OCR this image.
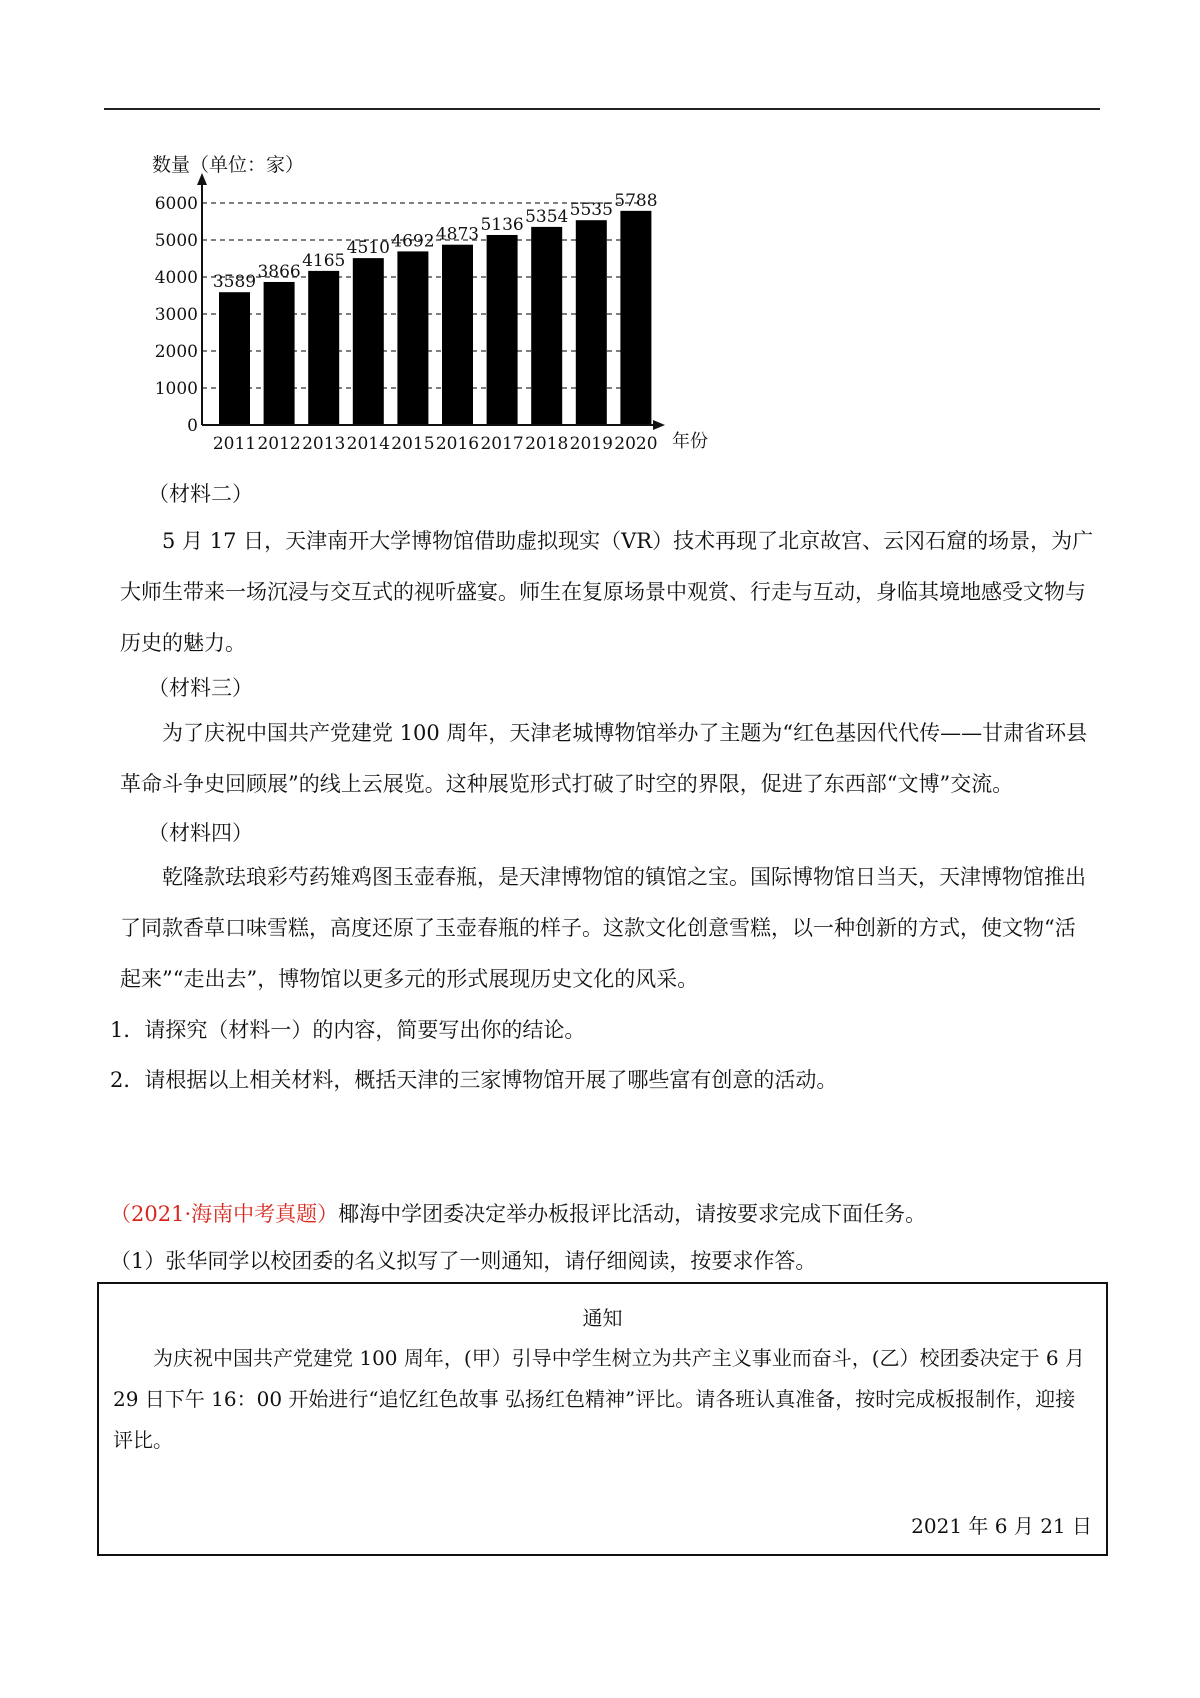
0
1000
2000
3000
4000
5000
6000
2011 2012 2013 2014 2015 2016 2017 2018 2019 2020
3589
3866
4165
4510 4692 4873 5136 5354 5535 5788
数量（单位：家）
年份

（材料二）

5 月 17 日，天津南开大学博物馆借助虚拟现实（VR）技术再现了北京故宫、云冈石窟的场景，为广大师生带来一场沉浸与交互式的视听盛宴。师生在复原场景中观赏、行走与互动，身临其境地感受文物与历史的魅力。

（材料三）

为了庆祝中国共产党建党 100 周年，天津老城博物馆举办了主题为“红色基因代代传——甘肃省环县革命斗争史回顾展”的线上云展览。这种展览形式打破了时空的界限，促进了东西部“文博”交流。

（材料四）

乾隆款珐琅彩芍药雉鸡图玉壶春瓶，是天津博物馆的镇馆之宝。国际博物馆日当天，天津博物馆推出了同款香草口味雪糕，高度还原了玉壶春瓶的样子。这款文化创意雪糕，以一种创新的方式，使文物“活起来”“走出去”，博物馆以更多元的形式展现历史文化的风采。

1．请探究（材料一）的内容，简要写出你的结论。

2．请根据以上相关材料，概括天津的三家博物馆开展了哪些富有创意的活动。

（2021·海南中考真题）椰海中学团委决定举办板报评比活动，请按要求完成下面任务。

（1）张华同学以校团委的名义拟写了一则通知，请仔细阅读，按要求作答。

通知
为庆祝中国共产党建党 100 周年，(甲）引导中学生树立为共产主义事业而奋斗，(乙）校团委决定于 6 月 29 日下午 16：00 开始进行“追忆红色故事 弘扬红色精神”评比。请各班认真准备，按时完成板报制作，迎接评比。
2021 年 6 月 21 日
